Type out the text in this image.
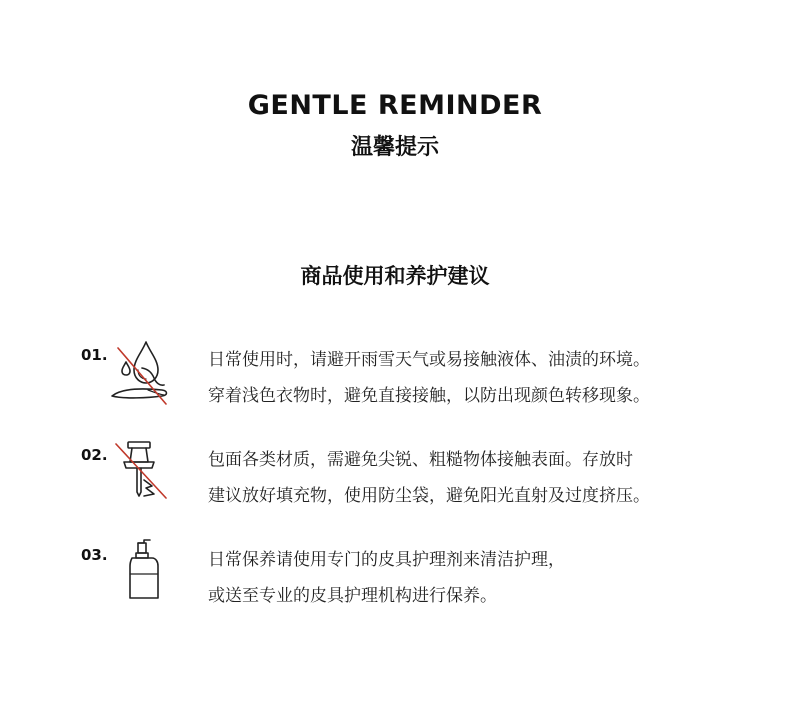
GENTLE REMINDER
温馨提示
商品使用和养护建议
01.	日常使用时，请避开雨雪天气或易接触液体、油渍的环境。
穿着浅色衣物时，避免直接接触，以防出现颜色转移现象。
02.	包面各类材质，需避免尖锐、粗糙物体接触表面。存放时
建议放好填充物，使用防尘袋，避免阳光直射及过度挤压。
03.	日常保养请使用专门的皮具护理剂来清洁护理，
或送至专业的皮具护理机构进行保养。
